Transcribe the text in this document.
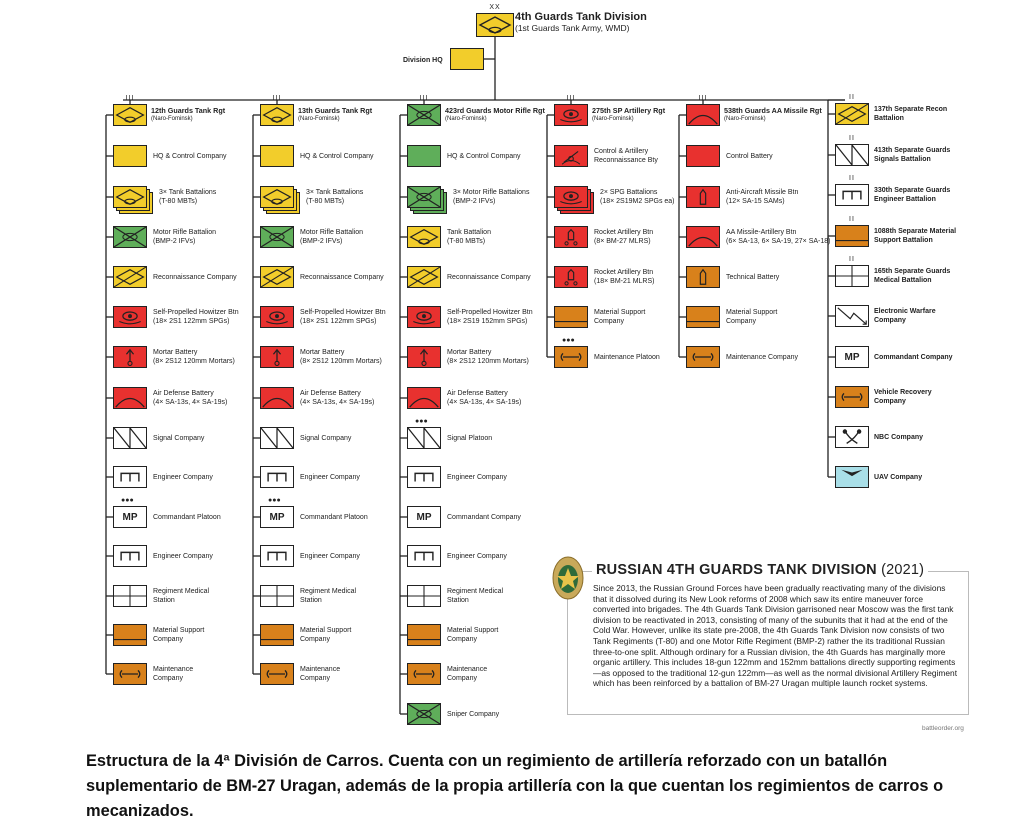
4th Guards Tank Division
(1st Guards Tank Army, WMD)
XX
Division HQ
III
12th Guards Tank Rgt
(Naro-Fominsk)
HQ & Control Company
3× Tank Battalions
(T-80 MBTs)
Motor Rifle Battalion
(BMP-2 IFVs)
Reconnaissance Company
Self-Propelled Howitzer Btn
(18× 2S1 122mm SPGs)
Mortar Battery
(8× 2S12 120mm Mortars)
Air Defense Battery
(4× SA-13s, 4× SA-19s)
Signal Company
Engineer Company
MP
●●●
Commandant Platoon
Engineer Company
Regiment Medical
Station
Material Support
Company
Maintenance
Company
III
13th Guards Tank Rgt
(Naro-Fominsk)
HQ & Control Company
3× Tank Battalions
(T-80 MBTs)
Motor Rifle Battalion
(BMP-2 IFVs)
Reconnaissance Company
Self-Propelled Howitzer Btn
(18× 2S1 122mm SPGs)
Mortar Battery
(8× 2S12 120mm Mortars)
Air Defense Battery
(4× SA-13s, 4× SA-19s)
Signal Company
Engineer Company
MP
●●●
Commandant Platoon
Engineer Company
Regiment Medical
Station
Material Support
Company
Maintenance
Company
III
423rd Guards Motor Rifle Rgt
(Naro-Fominsk)
HQ & Control Company
3× Motor Rifle Battalions
(BMP-2 IFVs)
Tank Battalion
(T-80 MBTs)
Reconnaissance Company
Self-Propelled Howitzer Btn
(18× 2S19 152mm SPGs)
Mortar Battery
(8× 2S12 120mm Mortars)
Air Defense Battery
(4× SA-13s, 4× SA-19s)
●●●
Signal Platoon
Engineer Company
MP	Commandant Company
Engineer Company
Regiment Medical
Station
Material Support
Company
Maintenance
Company
Sniper Company
III
275th SP Artillery Rgt
(Naro-Fominsk)
Control & Artillery
Reconnaissance Bty
2× SPG Battalions
(18× 2S19M2 SPGs ea)
Rocket Artillery Btn
(8× BM-27 MLRS)
Rocket Artillery Btn
(18× BM-21 MLRS)
Material Support
Company
●●●
Maintenance Platoon
III
538th Guards AA Missile Rgt
(Naro-Fominsk)
Control Battery
Anti-Aircraft Missile Btn
(12× SA-15 SAMs)
AA Missile-Artillery Btn
(6× SA-13, 6× SA-19, 27× SA-18)
Technical Battery
Material Support
Company
Maintenance Company
II
137th Separate Recon
Battalion
II
413th Separate Guards
Signals Battalion
II
330th Separate Guards
Engineer Battalion
II
1088th Separate Material
Support Battalion
II
165th Separate Guards
Medical Battalion
Electronic Warfare
Company
MP	Commandant Company
Vehicle Recovery
Company
NBC Company
UAV Company
RUSSIAN 4TH GUARDS TANK DIVISION (2021)
Since 2013, the Russian Ground Forces have been gradually reactivating many of the divisions that it dissolved during its New Look reforms of 2008 which saw its entire maneuver force converted into brigades. The 4th Guards Tank Division garrisoned near Moscow was the first tank division to be reactivated in 2013, consisting of many of the subunits that it had at the end of the Cold War. However, unlike its state pre-2008, the 4th Guards Tank Division now consists of two Tank Regiments (T-80) and one Motor Rifle Regiment (BMP-2) rather the its traditional Russian three-to-one split. Although ordinary for a Russian division, the 4th Guards has marginally more organic artillery. This includes 18-gun 122mm and 152mm battalions directly supporting regiments—as opposed to the traditional 12-gun 122mm—as well as the normal divisional Artillery Regiment which has been reinforced by a battalion of BM-27 Uragan multiple launch rocket systems.
battleorder.org
Estructura de la 4ª División de Carros. Cuenta con un regimiento de artillería reforzado con un batallón suplementario de BM-27 Uragan, además de la propia artillería con la que cuentan los regimientos de carros o mecanizados.
